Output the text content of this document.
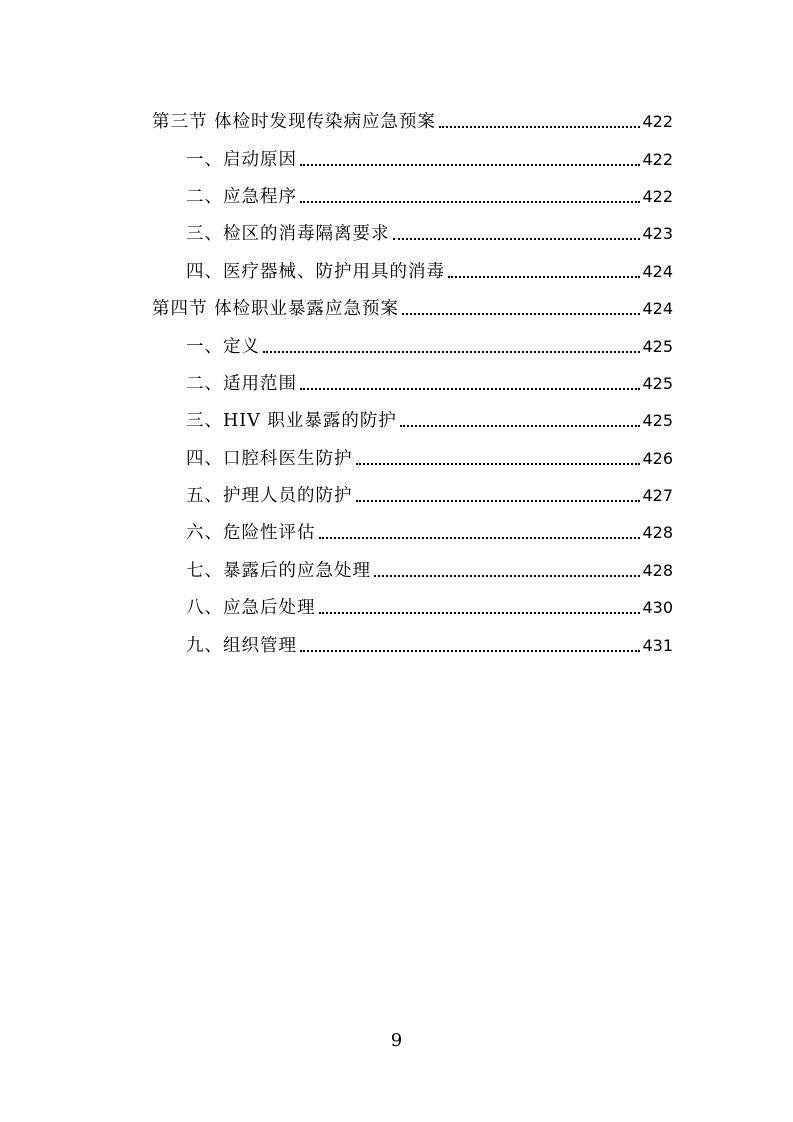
第三节 体检时发现传染病应急预案	422
一、启动原因	422
二、应急程序	422
三、检区的消毒隔离要求	423
四、医疗器械、防护用具的消毒	424
第四节 体检职业暴露应急预案	424
一、定义	425
二、适用范围	425
三、HIV 职业暴露的防护	425
四、口腔科医生防护	426
五、护理人员的防护	427
六、危险性评估	428
七、暴露后的应急处理	428
八、应急后处理	430
九、组织管理	431
9
